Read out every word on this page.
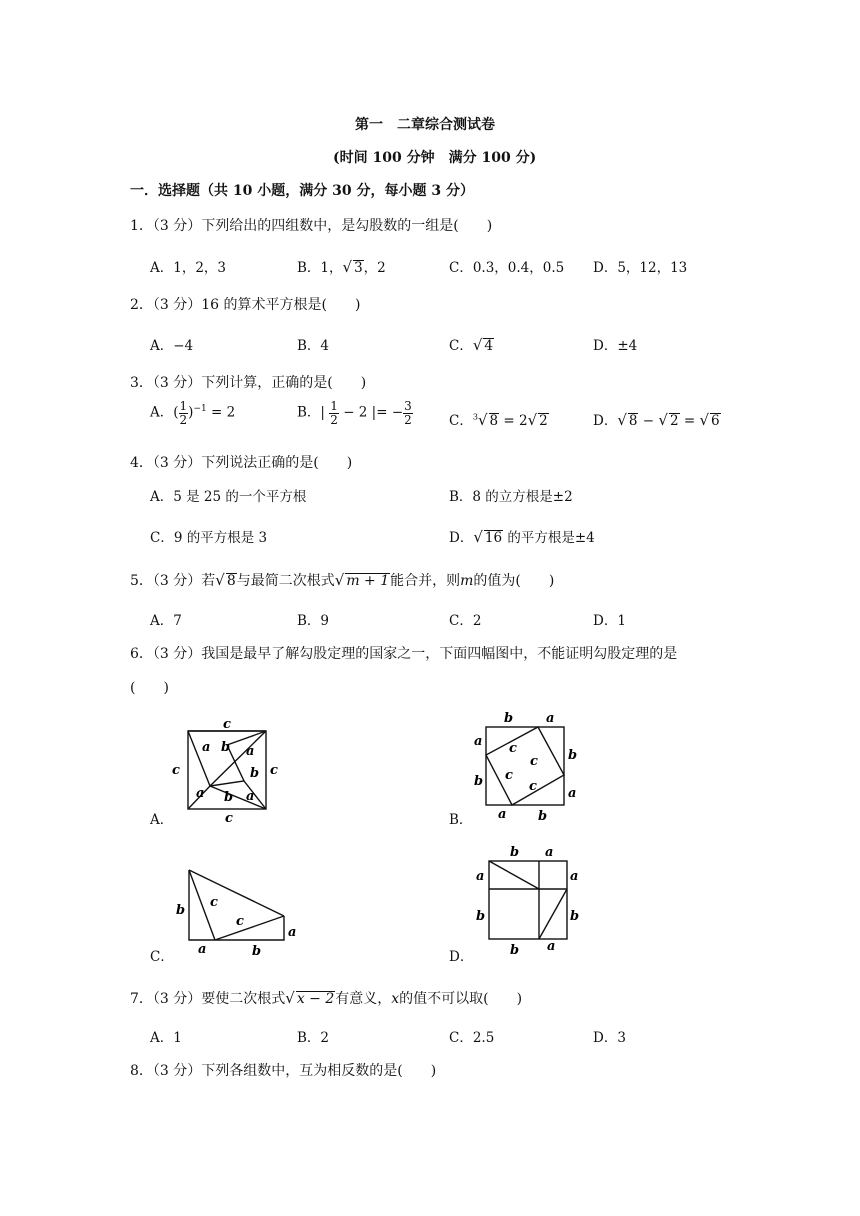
第一　二章综合测试卷
(时间 100 分钟　满分 100 分)
一．选择题（共 10 小题，满分 30 分，每小题 3 分）
1．（3 分）下列给出的四组数中，是勾股数的一组是(　　)
A．1，2，3	B．1，√ 3，2	C．0.3，0.4，0.5 D．5，12，13
2．（3 分）16 的算术平方根是(　　)
A．−4	B．4	C．√ 4	D．±4
3．（3 分）下列计算，正确的是(　　)
A．( $\frac{1}{2} )^{-1} = 2$	B．| $\frac{1}{2} - 2$ |= − $\frac{3}{2}$	C．$^3$√ 8 = 2√ 2	D．√ 8 − √ 2 = √ 6
4．（3 分）下列说法正确的是(　　)
A．5 是 25 的一个平方根	B．8 的立方根是±2
C．9 的平方根是 3	D．√ 16 的平方根是±4
5．（3 分）若√ 8与最简二次根式√ m + 1能合并，则m的值为(　　)
A．7	B．9	C．2	D．1
6．（3 分）我国是最早了解勾股定理的国家之一，下面四幅图中，不能证明勾股定理的是
(　　)
A．
c
c	c
c
a b a
b
a b a
B．
b	a
a
b
b
a
a b
c
c
c
c
C．
b
c
c
a
a	b	D．
b a
a	a
b	b
b a
7．（3 分）要使二次根式√ x − 2有意义，x的值不可以取(　　)
A．1	B．2	C．2.5	D．3
8．（3 分）下列各组数中，互为相反数的是(　　)
